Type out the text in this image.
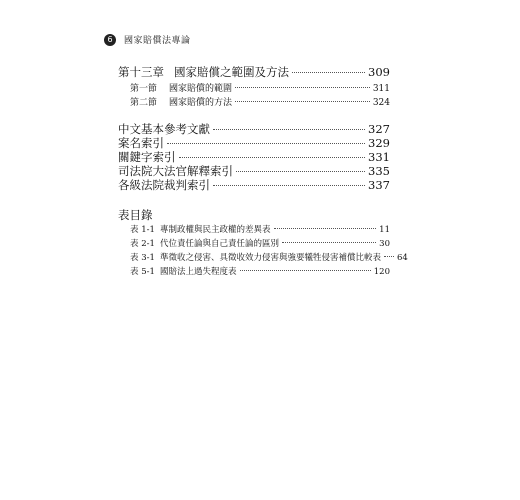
6	國家賠償法專論
第十三章 國家賠償之範圍及方法	309
第一節 國家賠償的範圍	311
第二節 國家賠償的方法	324
中文基本參考文獻	327
案名索引	329
關鍵字索引	331
司法院大法官解釋索引	335
各級法院裁判索引	337
表目錄
表 1-1 專制政權與民主政權的差異表	11
表 2-1 代位責任論與自己責任論的區別	30
表 3-1 準徵收之侵害、具徵收效力侵害與強要犧牲侵害補償比較表 64
表 5-1 國賠法上過失程度表	120
